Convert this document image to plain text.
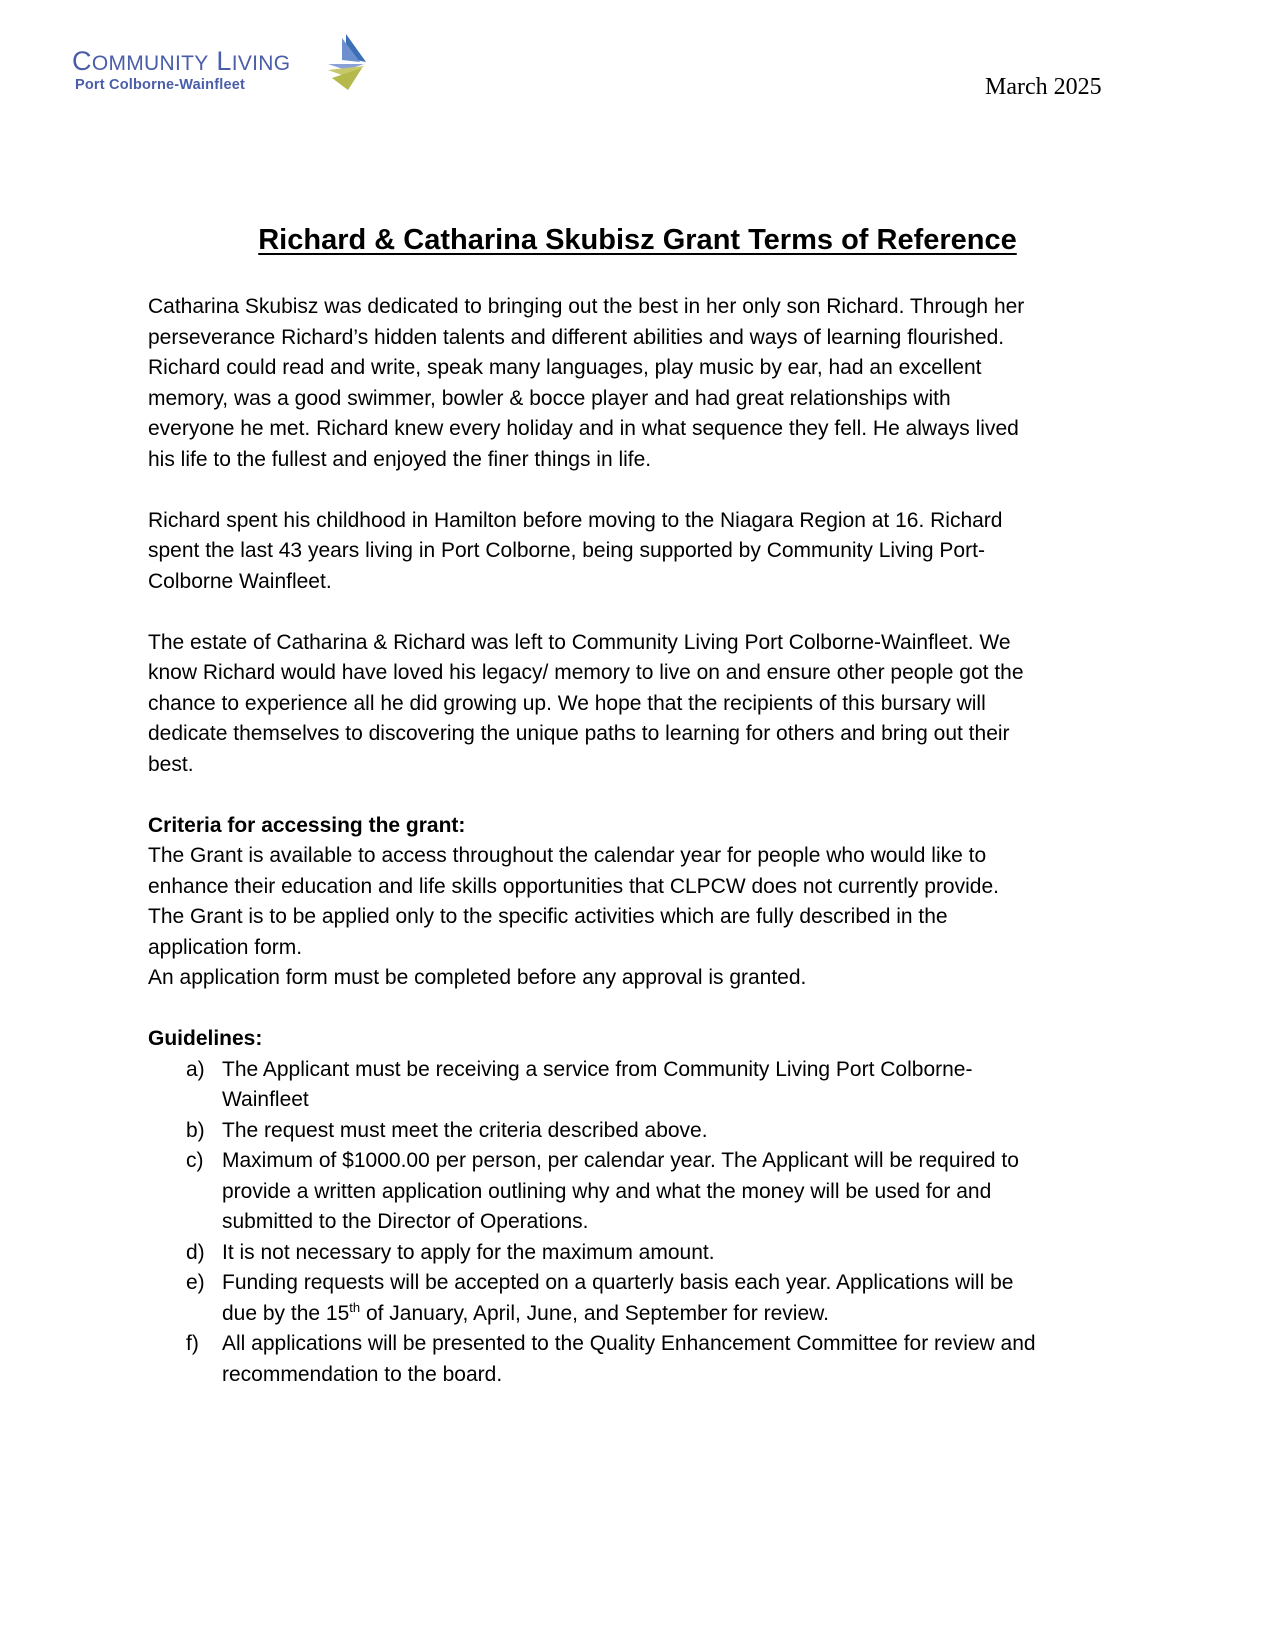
COMMUNITY LIVING
Port Colborne-Wainfleet	March 2025
Richard & Catharina Skubisz Grant Terms of Reference

Catharina Skubisz was dedicated to bringing out the best in her only son Richard. Through her
perseverance Richard’s hidden talents and different abilities and ways of learning flourished.
Richard could read and write, speak many languages, play music by ear, had an excellent
memory, was a good swimmer, bowler & bocce player and had great relationships with
everyone he met. Richard knew every holiday and in what sequence they fell. He always lived
his life to the fullest and enjoyed the finer things in life.

Richard spent his childhood in Hamilton before moving to the Niagara Region at 16. Richard
spent the last 43 years living in Port Colborne, being supported by Community Living Port-
Colborne Wainfleet.

The estate of Catharina & Richard was left to Community Living Port Colborne-Wainfleet. We
know Richard would have loved his legacy/ memory to live on and ensure other people got the
chance to experience all he did growing up. We hope that the recipients of this bursary will
dedicate themselves to discovering the unique paths to learning for others and bring out their
best.

Criteria for accessing the grant:
The Grant is available to access throughout the calendar year for people who would like to
enhance their education and life skills opportunities that CLPCW does not currently provide.
The Grant is to be applied only to the specific activities which are fully described in the
application form.
An application form must be completed before any approval is granted.
Guidelines:
a) The Applicant must be receiving a service from Community Living Port Colborne-
Wainfleet
b) The request must meet the criteria described above.
c) Maximum of $1000.00 per person, per calendar year. The Applicant will be required to
provide a written application outlining why and what the money will be used for and
submitted to the Director of Operations.
d) It is not necessary to apply for the maximum amount.
e) Funding requests will be accepted on a quarterly basis each year. Applications will be
due by the 15th of January, April, June, and September for review.
f) All applications will be presented to the Quality Enhancement Committee for review and
recommendation to the board.
